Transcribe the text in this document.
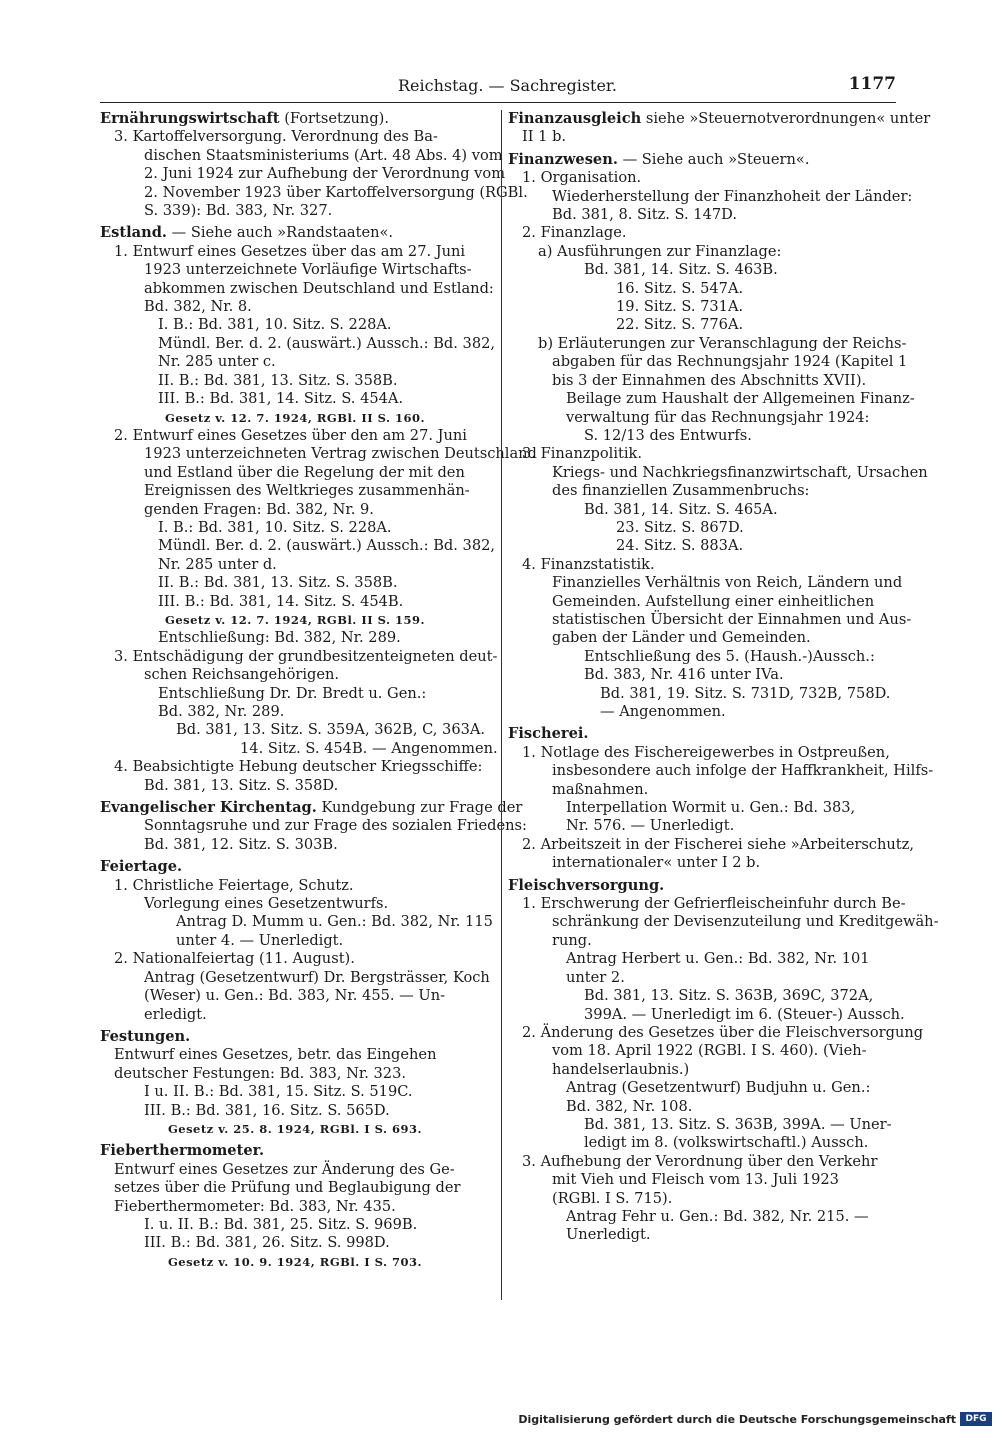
Reichstag. — Sachregister.	1177
Ernährungswirtschaft (Fortsetzung).
3. Kartoffelversorgung. Verordnung des Ba-
dischen Staatsministeriums (Art. 48 Abs. 4) vom
2. Juni 1924 zur Aufhebung der Verordnung vom
2. November 1923 über Kartoffelversorgung (RGBl.
S. 339): Bd. 383, Nr. 327.
Estland. — Siehe auch »Randstaaten«.
1. Entwurf eines Gesetzes über das am 27. Juni
1923 unterzeichnete Vorläufige Wirtschafts-
abkommen zwischen Deutschland und Estland:
Bd. 382, Nr. 8.
I. B.: Bd. 381, 10. Sitz. S. 228A.
Mündl. Ber. d. 2. (auswärt.) Aussch.: Bd. 382,
Nr. 285 unter c.
II. B.: Bd. 381, 13. Sitz. S. 358B.
III. B.: Bd. 381, 14. Sitz. S. 454A.
Gesetz v. 12. 7. 1924, RGBl. II S. 160.
2. Entwurf eines Gesetzes über den am 27. Juni
1923 unterzeichneten Vertrag zwischen Deutschland
und Estland über die Regelung der mit den
Ereignissen des Weltkrieges zusammenhän-
genden Fragen: Bd. 382, Nr. 9.
I. B.: Bd. 381, 10. Sitz. S. 228A.
Mündl. Ber. d. 2. (auswärt.) Aussch.: Bd. 382,
Nr. 285 unter d.
II. B.: Bd. 381, 13. Sitz. S. 358B.
III. B.: Bd. 381, 14. Sitz. S. 454B.
Gesetz v. 12. 7. 1924, RGBl. II S. 159.
Entschließung: Bd. 382, Nr. 289.
3. Entschädigung der grundbesitzenteigneten deut-
schen Reichsangehörigen.
Entschließung Dr. Dr. Bredt u. Gen.:
Bd. 382, Nr. 289.
Bd. 381, 13. Sitz. S. 359A, 362B, C, 363A.
14. Sitz. S. 454B. — Angenommen.
4. Beabsichtigte Hebung deutscher Kriegsschiffe:
Bd. 381, 13. Sitz. S. 358D.
Evangelischer Kirchentag. Kundgebung zur Frage der
Sonntagsruhe und zur Frage des sozialen Friedens:
Bd. 381, 12. Sitz. S. 303B.
Feiertage.
1. Christliche Feiertage, Schutz.
Vorlegung eines Gesetzentwurfs.
Antrag D. Mumm u. Gen.: Bd. 382, Nr. 115
unter 4. — Unerledigt.
2. Nationalfeiertag (11. August).
Antrag (Gesetzentwurf) Dr. Bergsträsser, Koch
(Weser) u. Gen.: Bd. 383, Nr. 455. — Un-
erledigt.
Festungen.
Entwurf eines Gesetzes, betr. das Eingehen
deutscher Festungen: Bd. 383, Nr. 323.
I u. II. B.: Bd. 381, 15. Sitz. S. 519C.
III. B.: Bd. 381, 16. Sitz. S. 565D.
Gesetz v. 25. 8. 1924, RGBl. I S. 693.
Fieberthermometer.
Entwurf eines Gesetzes zur Änderung des Ge-
setzes über die Prüfung und Beglaubigung der
Fieberthermometer: Bd. 383, Nr. 435.
I. u. II. B.: Bd. 381, 25. Sitz. S. 969B.
III. B.: Bd. 381, 26. Sitz. S. 998D.
Gesetz v. 10. 9. 1924, RGBl. I S. 703.
Finanzausgleich siehe »Steuernotverordnungen« unter
II 1 b.
Finanzwesen. — Siehe auch »Steuern«.
1. Organisation.
Wiederherstellung der Finanzhoheit der Länder:
Bd. 381, 8. Sitz. S. 147D.
2. Finanzlage.
a) Ausführungen zur Finanzlage:
Bd. 381, 14. Sitz. S. 463B.
16. Sitz. S. 547A.
19. Sitz. S. 731A.
22. Sitz. S. 776A.
b) Erläuterungen zur Veranschlagung der Reichs-
abgaben für das Rechnungsjahr 1924 (Kapitel 1
bis 3 der Einnahmen des Abschnitts XVII).
Beilage zum Haushalt der Allgemeinen Finanz-
verwaltung für das Rechnungsjahr 1924:
S. 12/13 des Entwurfs.
3. Finanzpolitik.
Kriegs- und Nachkriegsfinanzwirtschaft, Ursachen
des finanziellen Zusammenbruchs:
Bd. 381, 14. Sitz. S. 465A.
23. Sitz. S. 867D.
24. Sitz. S. 883A.
4. Finanzstatistik.
Finanzielles Verhältnis von Reich, Ländern und
Gemeinden. Aufstellung einer einheitlichen
statistischen Übersicht der Einnahmen und Aus-
gaben der Länder und Gemeinden.
Entschließung des 5. (Haush.-)Aussch.:
Bd. 383, Nr. 416 unter IVa.
Bd. 381, 19. Sitz. S. 731D, 732B, 758D.
— Angenommen.
Fischerei.
1. Notlage des Fischereigewerbes in Ostpreußen,
insbesondere auch infolge der Haffkrankheit, Hilfs-
maßnahmen.
Interpellation Wormit u. Gen.: Bd. 383,
Nr. 576. — Unerledigt.
2. Arbeitszeit in der Fischerei siehe »Arbeiterschutz,
internationaler« unter I 2 b.
Fleischversorgung.
1. Erschwerung der Gefrierfleischeinfuhr durch Be-
schränkung der Devisenzuteilung und Kreditgewäh-
rung.
Antrag Herbert u. Gen.: Bd. 382, Nr. 101
unter 2.
Bd. 381, 13. Sitz. S. 363B, 369C, 372A,
399A. — Unerledigt im 6. (Steuer-) Aussch.
2. Änderung des Gesetzes über die Fleischversorgung
vom 18. April 1922 (RGBl. I S. 460). (Vieh-
handelserlaubnis.)
Antrag (Gesetzentwurf) Budjuhn u. Gen.:
Bd. 382, Nr. 108.
Bd. 381, 13. Sitz. S. 363B, 399A. — Uner-
ledigt im 8. (volkswirtschaftl.) Aussch.
3. Aufhebung der Verordnung über den Verkehr
mit Vieh und Fleisch vom 13. Juli 1923
(RGBl. I S. 715).
Antrag Fehr u. Gen.: Bd. 382, Nr. 215. —
Unerledigt.
Digitalisierung gefördert durch die Deutsche Forschungsgemeinschaft	DFG
